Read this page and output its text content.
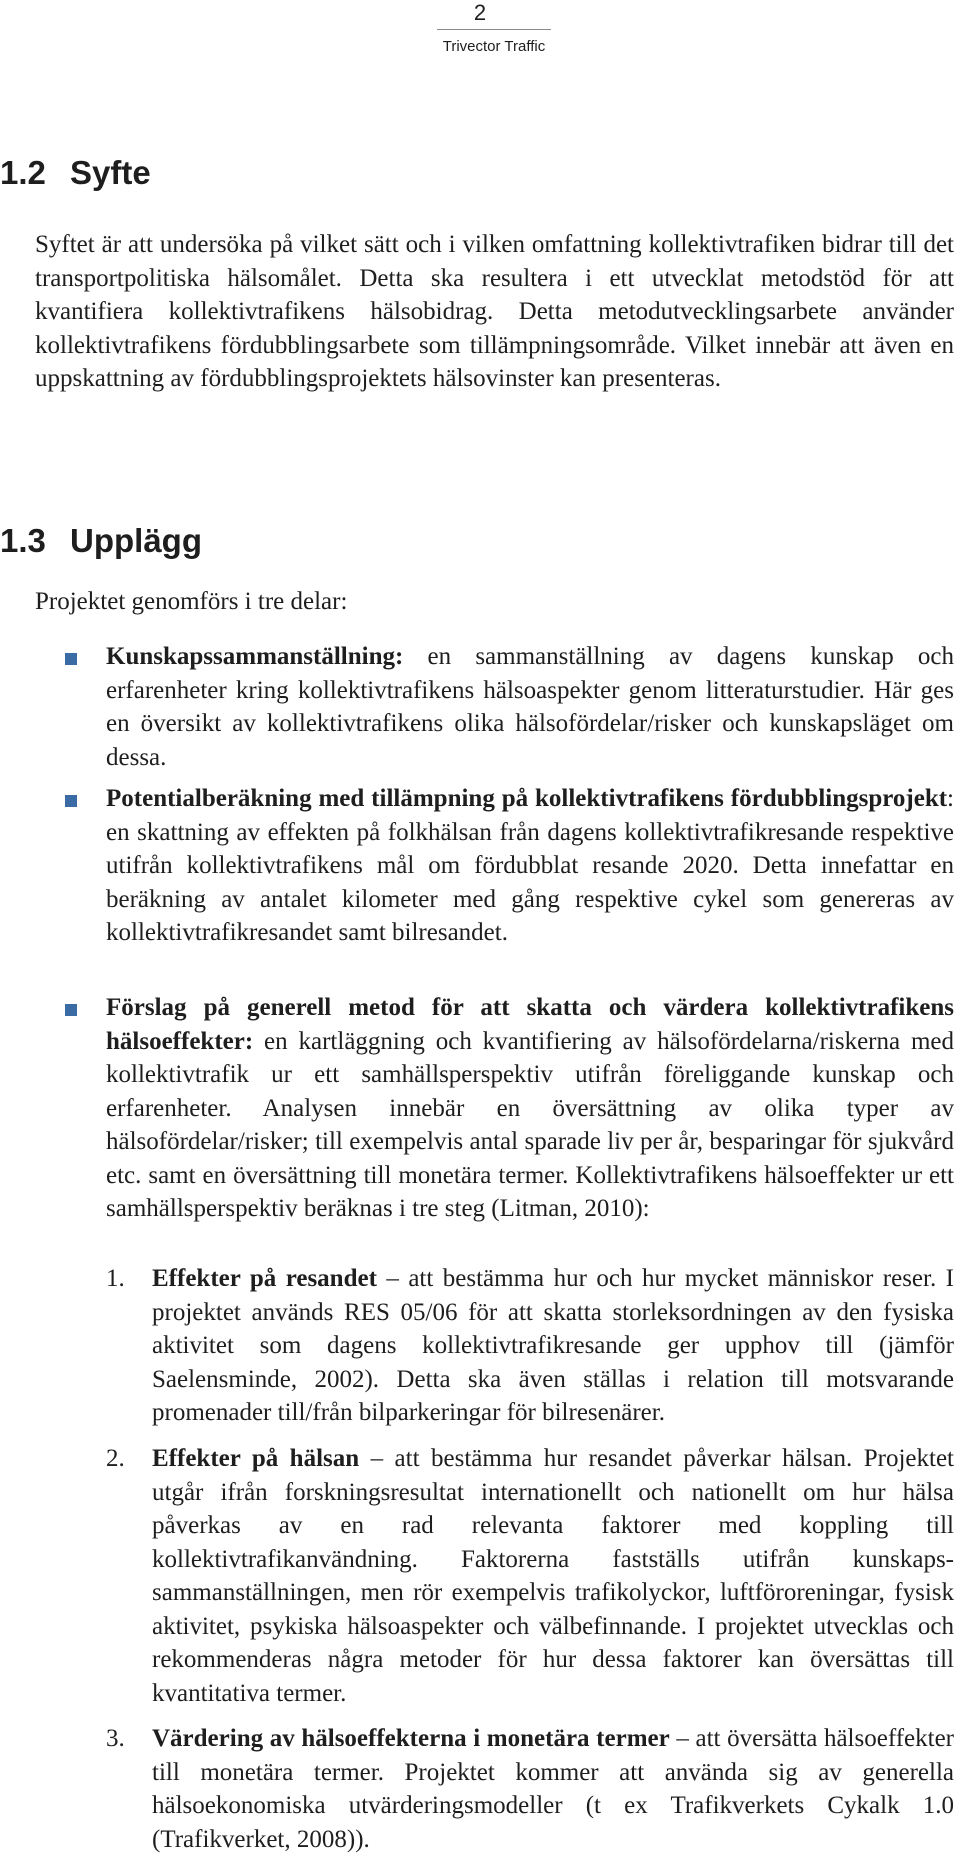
2
Trivector Traffic
1.2 Syfte

Syftet är att undersöka på vilket sätt och i vilken omfattning kollektivtrafiken bidrar till det transportpolitiska hälsomålet. Detta ska resultera i ett utvecklat metodstöd för att kvantifiera kollektivtrafikens hälsobidrag. Detta metodutvecklingsarbete använder kollektivtrafikens fördubblingsarbete som tillämpningsområde. Vilket innebär att även en uppskattning av fördubblingsprojektets hälsovinster kan presenteras.

1.3 Upplägg

Projektet genomförs i tre delar:

Kunskapssammanställning: en sammanställning av dagens kunskap och erfarenheter kring kollektivtrafikens hälsoaspekter genom litteraturstudier. Här ges en översikt av kollektivtrafikens olika hälsofördelar/risker och kunskapsläget om dessa.
Potentialberäkning med tillämpning på kollektivtrafikens fördubblingsprojekt: en skattning av effekten på folkhälsan från dagens kollektivtrafikresande respektive utifrån kollektivtrafikens mål om fördubblat resande 2020. Detta innefattar en beräkning av antalet kilometer med gång respektive cykel som genereras av kollektivtrafikresandet samt bilresandet.
Förslag på generell metod för att skatta och värdera kollektivtrafikens hälsoeffekter: en kartläggning och kvantifiering av hälsofördelarna/riskerna med kollektivtrafik ur ett samhällsperspektiv utifrån föreliggande kunskap och erfarenheter. Analysen innebär en översättning av olika typer av hälsofördelar/risker; till exempelvis antal sparade liv per år, besparingar för sjukvård etc. samt en översättning till monetära termer. Kollektivtrafikens hälsoeffekter ur ett samhällsperspektiv beräknas i tre steg (Litman, 2010):
1. Effekter på resandet – att bestämma hur och hur mycket människor reser. I projektet används RES 05/06 för att skatta storleksordningen av den fysiska aktivitet som dagens kollektivtrafikresande ger upphov till (jämför Saelensminde, 2002). Detta ska även ställas i relation till motsvarande promenader till/från bilparkeringar för bilresenärer.
2. Effekter på hälsan – att bestämma hur resandet påverkar hälsan. Projektet utgår ifrån forskningsresultat internationellt och nationellt om hur hälsa påverkas av en rad relevanta faktorer med koppling till kollektivtrafikanvändning. Faktorerna fastställs utifrån kunskapssammanställningen, men rör exempelvis trafikolyckor, luftföroreningar, fysisk aktivitet, psykiska hälsoaspekter och välbefinnande. I projektet utvecklas och rekommenderas några metoder för hur dessa faktorer kan översättas till kvantitativa termer.
3. Värdering av hälsoeffekterna i monetära termer – att översätta hälsoeffekter till monetära termer. Projektet kommer att använda sig av generella hälsoekonomiska utvärderingsmodeller (t ex Trafikverkets Cykalk 1.0 (Trafikverket, 2008)).
